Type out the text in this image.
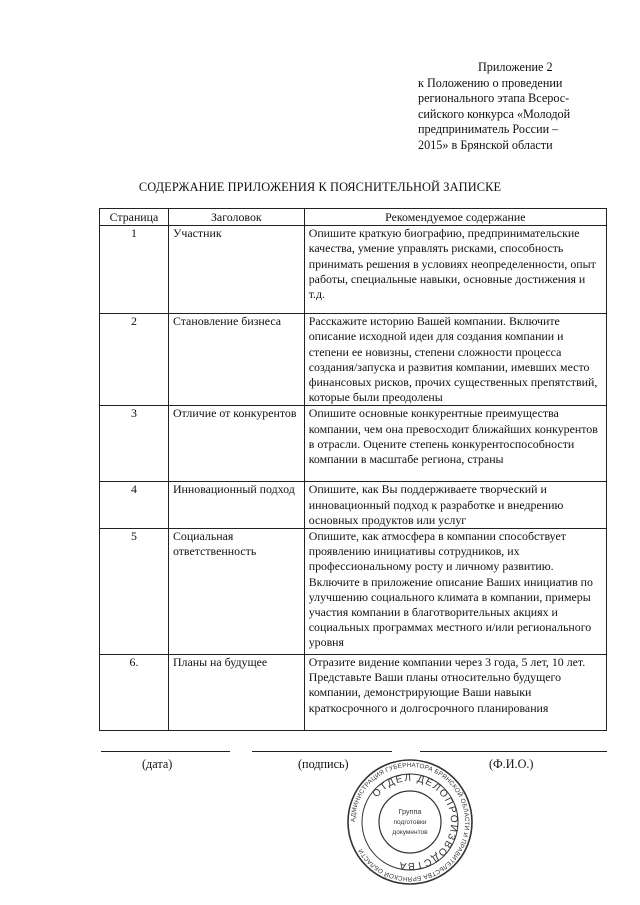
Приложение 2
к Положению о проведении
регионального этапа Всерос-
сийского конкурса «Молодой
предприниматель России –
2015» в Брянской области
СОДЕРЖАНИЕ ПРИЛОЖЕНИЯ К ПОЯСНИТЕЛЬНОЙ ЗАПИСКЕ
Страница	Заголовок	Рекомендуемое содержание
1	Участник	Опишите краткую биографию, предпринимательские качества, умение управлять рисками, способность принимать решения в условиях неопределенности, опыт работы, специальные навыки, основные достижения и т.д.
2	Становление бизнеса	Расскажите историю Вашей компании. Включите описание исходной идеи для создания компании и степени ее новизны, степени сложности процесса создания/запуска и развития компании, имевших место финансовых рисков, прочих существенных препятствий, которые были преодолены
3	Отличие от конкурентов	Опишите основные конкурентные преимущества компании, чем она превосходит ближайших конкурентов в отрасли. Оцените степень конкурентоспособности компании в масштабе региона, страны
4	Инновационный подход	Опишите, как Вы поддерживаете творческий и инновационный подход к разработке и внедрению основных продуктов или услуг
5	Социальная ответственность	Опишите, как атмосфера в компании способствует проявлению инициативы сотрудников, их профессиональному росту и личному развитию. Включите в приложение описание Ваших инициатив по улучшению социального климата в компании, примеры участия компании в благотворительных акциях и социальных программах местного и/или регионального уровня
6.	Планы на будущее	Отразите видение компании через 3 года, 5 лет, 10 лет. Представьте Ваши планы относительно будущего компании, демонстрирующие Ваши навыки краткосрочного и долгосрочного планирования
(дата)	(подпись)	(Ф.И.О.)
АДМИНИСТРАЦИЯ ГУБЕРНАТОРА БРЯНСКОЙ ОБЛАСТИ И ПРАВИТЕЛЬСТВА БРЯНСКОЙ ОБЛАСТИ
ОТДЕЛ ДЕЛОПРОИЗВОДСТВА
Группа
подготовки
документов
